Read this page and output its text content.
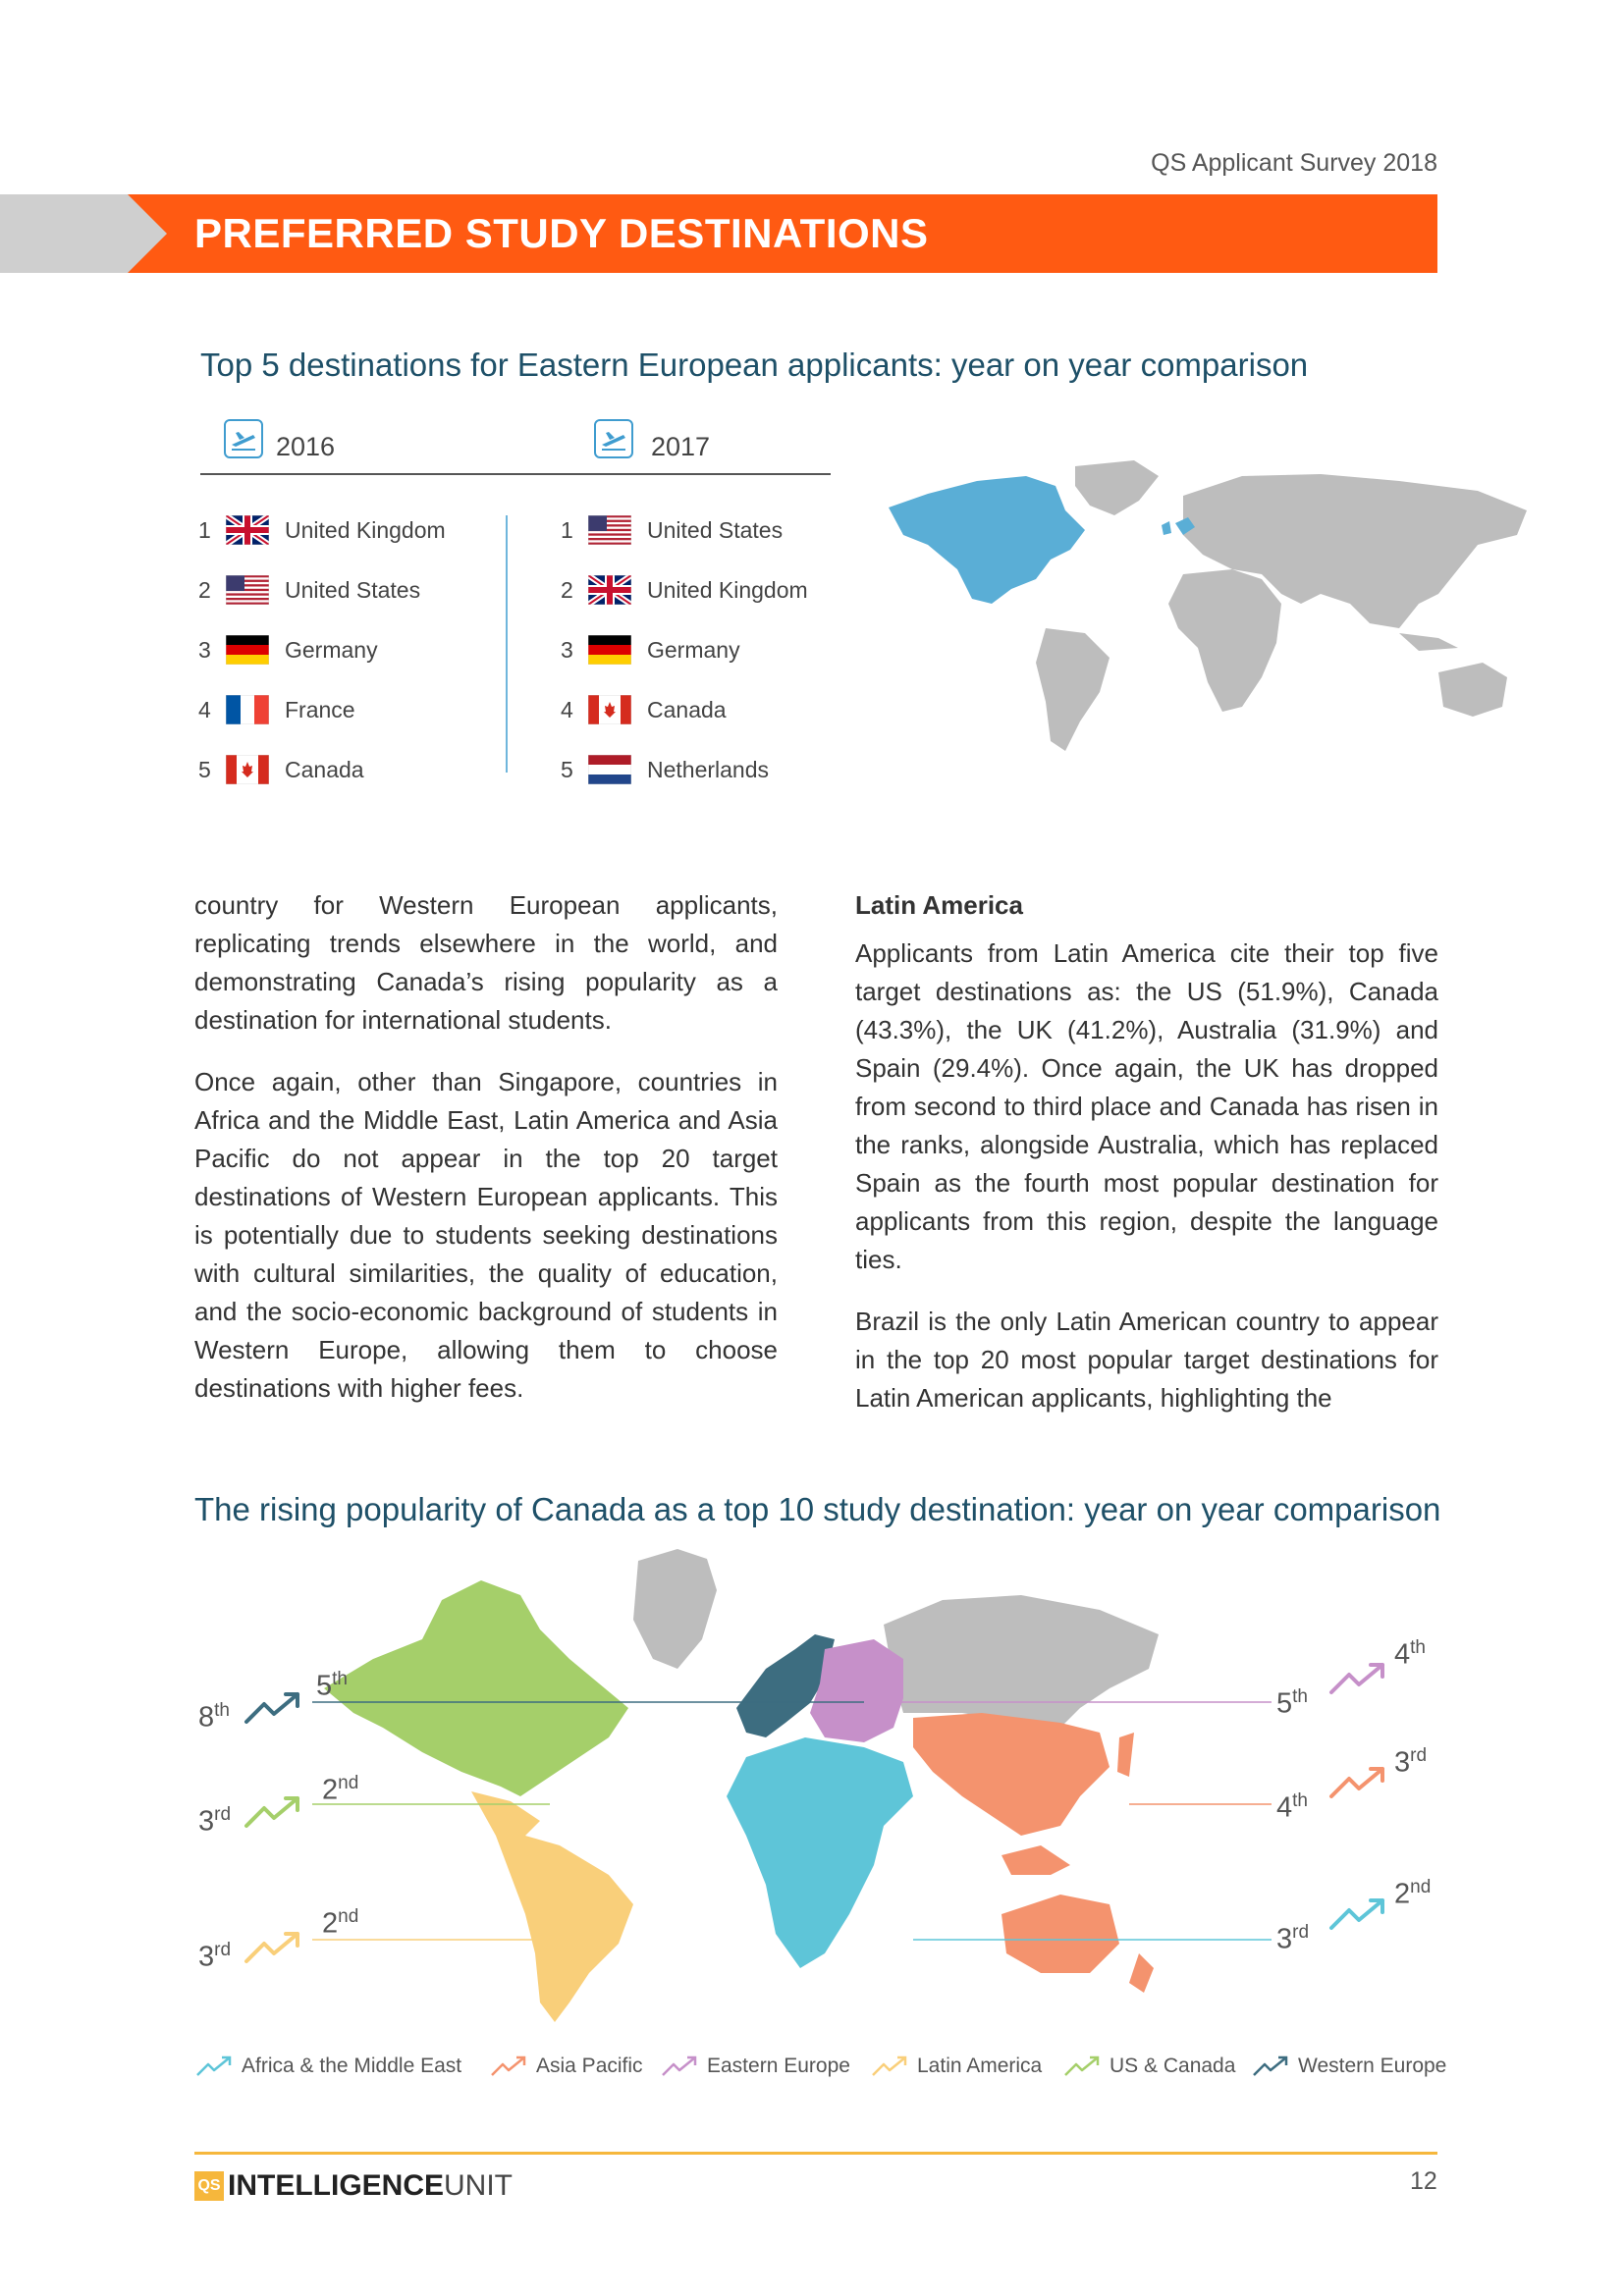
QS Applicant Survey 2018
PREFERRED STUDY DESTINATIONS
Top 5 destinations for Eastern European applicants: year on year comparison
2016	2017
1	United Kingdom
2	United States
3	Germany
4	France
5	Canada
1	United States
2	United Kingdom
3	Germany
4	Canada
5	Netherlands

country for Western European applicants, replicating trends elsewhere in the world, and demonstrating Canada’s rising popularity as a destination for international students.

Once again, other than Singapore, countries in Africa and the Middle East, Latin America and Asia Pacific do not appear in the top 20 target destinations of Western European applicants. This is potentially due to students seeking destinations with cultural similarities, the quality of education, and the socio-economic background of students in Western Europe, allowing them to choose destinations with higher fees.

Latin America

Applicants from Latin America cite their top five target destinations as: the US (51.9%), Canada (43.3%), the UK (41.2%), Australia (31.9%) and Spain (29.4%). Once again, the UK has dropped from second to third place and Canada has risen in the ranks, alongside Australia, which has replaced Spain as the fourth most popular destination for applicants from this region, despite the language ties.

Brazil is the only Latin American country to appear in the top 20 most popular target destinations for Latin American applicants, highlighting the

The rising popularity of Canada as a top 10 study destination: year on year comparison
8th
5th
3rd
2nd
3rd
2nd
5th
4th
4th
3rd
3rd
2nd
Africa & the Middle East	Asia Pacific	Eastern Europe	Latin America	US & Canada	Western Europe
QS INTELLIGENCE UNIT	12
